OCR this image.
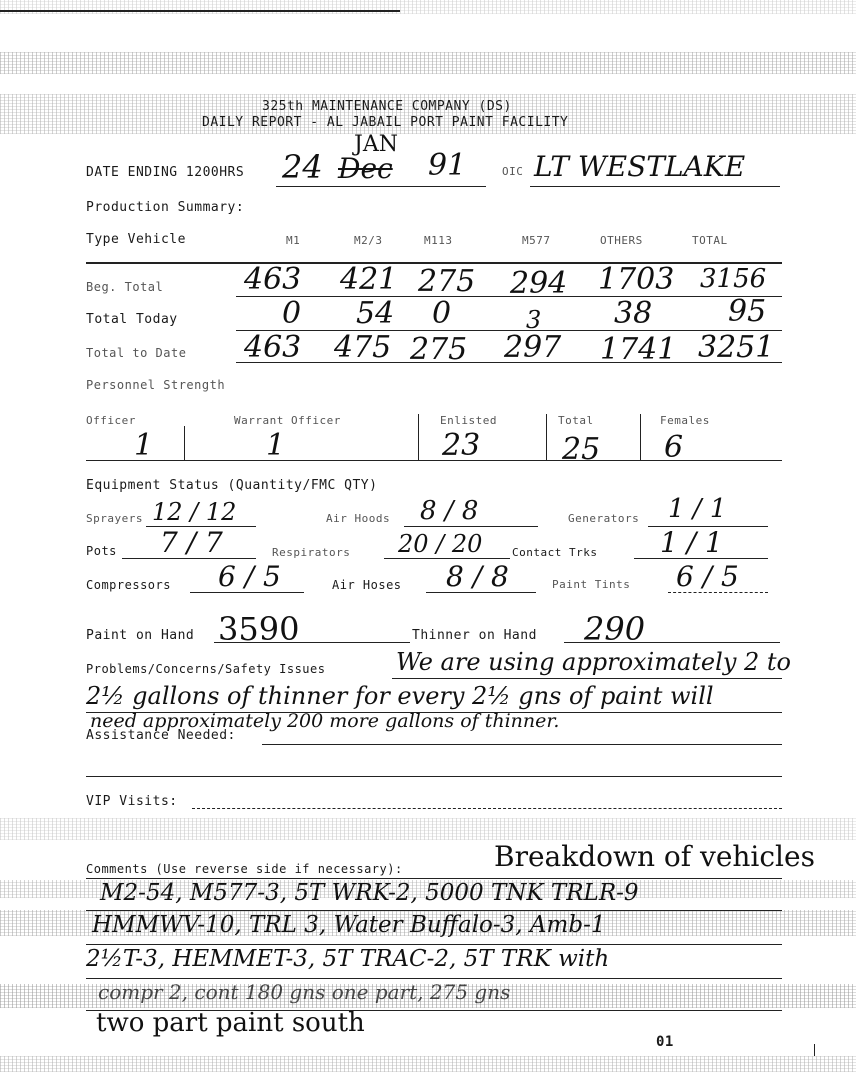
325th MAINTENANCE COMPANY (DS)
DAILY REPORT - AL JABAIL PORT PAINT FACILITY
DATE ENDING 1200HRS 24 Dec
JAN
91	OIC LT WESTLAKE
Production Summary:
Type Vehicle	M1	M2/3	M113	M577	OTHERS	TOTAL
Beg. Total	463 421 275 294 1703 3156
Total Today	0 54 0	3 38	95
Total to Date 463 475 275 297 1741 3251
Personnel Strength
Officer	Warrant Officer	Enlisted	Total	Females
1	1	23	25 6
Equipment Status (Quantity/FMC QTY)
Sprayers 12 / 12	Air Hoods 8 / 8	Generators 1 / 1
Pots 7 / 7	Respirators 20 / 20	Contact Trks 1 / 1
Compressors 6 / 5	Air Hoses 8 / 8	Paint Tints 6 / 5
Paint on Hand 3590	Thinner on Hand 290
Problems/Concerns/Safety Issues	We are using approximately 2 to
2½ gallons of thinner for every 2½ gns of paint will
need approximately 200 more gallons of thinner.
Assistance Needed:
VIP Visits:
Comments (Use reverse side if necessary):	Breakdown of vehicles
M2-54, M577-3, 5T WRK-2, 5000 TNK TRLR-9
HMMWV-10, TRL 3, Water Buffalo-3, Amb-1
2½T-3, HEMMET-3, 5T TRAC-2, 5T TRK with
compr 2, cont 180 gns one part, 275 gns
two part paint south
01
